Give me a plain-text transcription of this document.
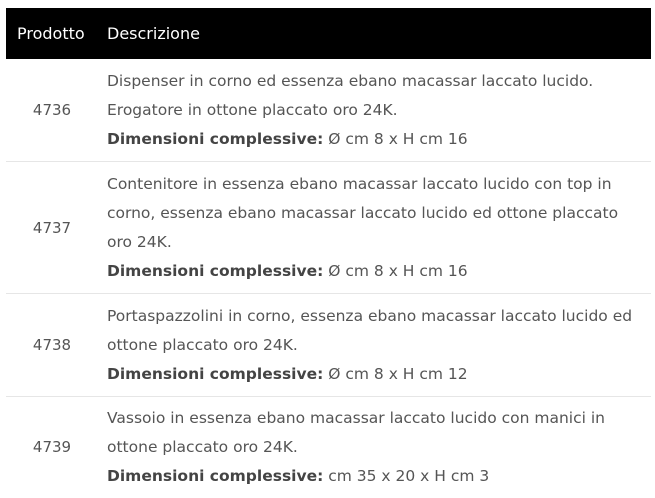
Prodotto	Descrizione
4736	Dispenser in corno ed essenza ebano macassar laccato lucido. Erogatore in ottone placcato oro 24K.
Dimensioni complessive: Ø cm 8 x H cm 16

4737	Contenitore in essenza ebano macassar laccato lucido con top in corno, essenza ebano macassar laccato lucido ed ottone placcato oro 24K.
Dimensioni complessive: Ø cm 8 x H cm 16

4738	Portaspazzolini in corno, essenza ebano macassar laccato lucido ed ottone placcato oro 24K.
Dimensioni complessive: Ø cm 8 x H cm 12

4739	Vassoio in essenza ebano macassar laccato lucido con manici in ottone placcato oro 24K.
Dimensioni complessive: cm 35 x 20 x H cm 3
